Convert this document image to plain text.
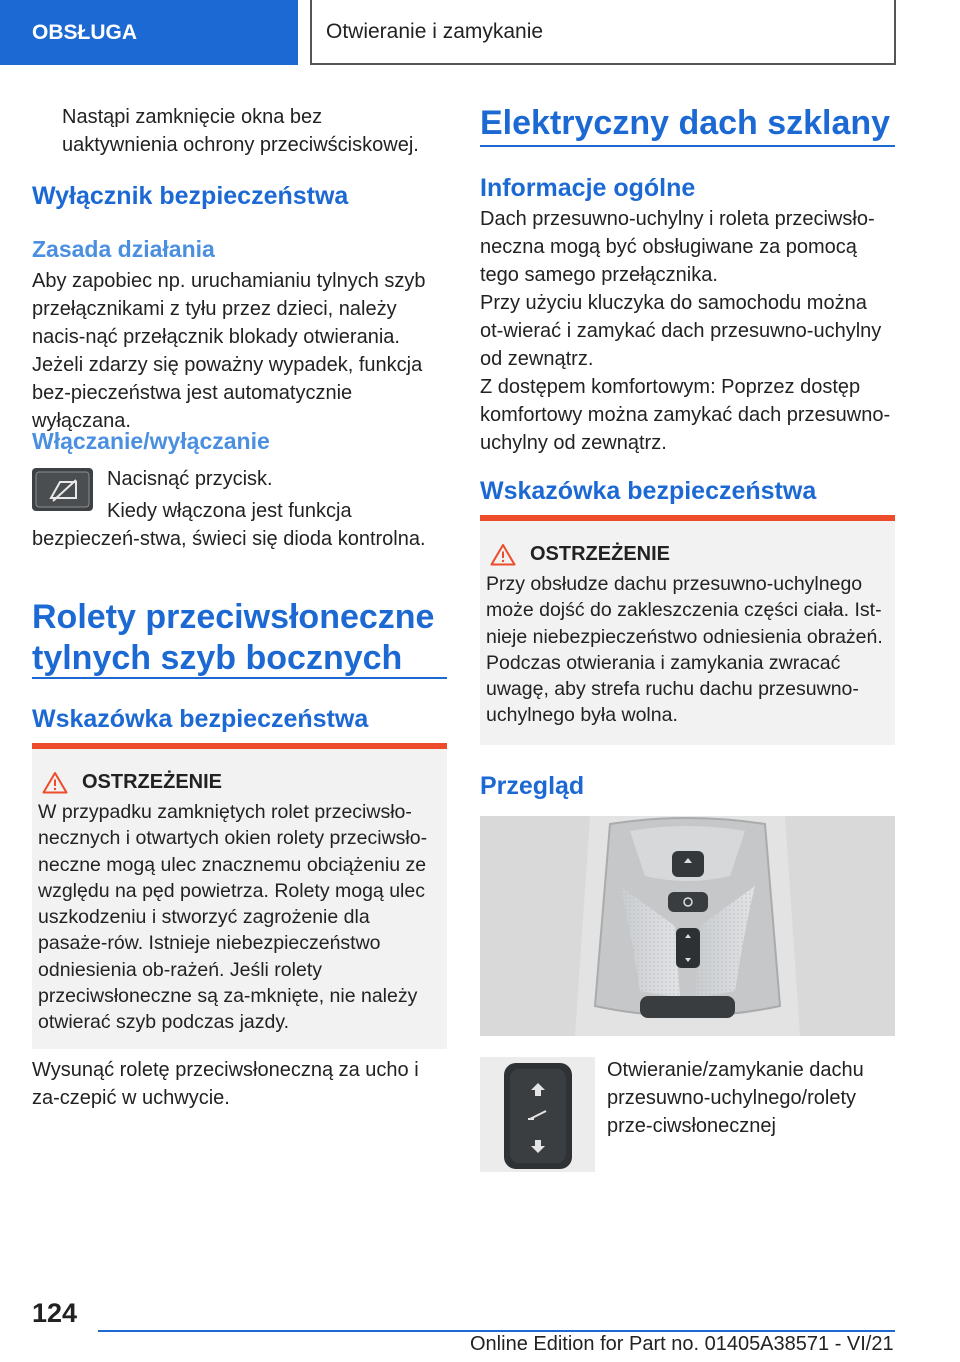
OBSŁUGA	Otwieranie i zamykanie

Nastąpi zamknięcie okna bez uaktywnienia ochrony przeciwściskowej.

Wyłącznik bezpieczeństwa
Zasada działania

Aby zapobiec np. uruchamianiu tylnych szyb przełącznikami z tyłu przez dzieci, należy nacis-nąć przełącznik blokady otwierania.

Jeżeli zdarzy się poważny wypadek, funkcja bez-pieczeństwa jest automatycznie wyłączana.

Włączanie/wyłączanie

Nacisnąć przycisk.

Kiedy włączona jest funkcja bezpieczeń-stwa, świeci się dioda kontrolna.

Rolety przeciwsłoneczne tylnych szyb bocznych
Wskazówka bezpieczeństwa
OSTRZEŻENIE

W przypadku zamkniętych rolet przeciwsło-necznych i otwartych okien rolety przeciwsło-neczne mogą ulec znacznemu obciążeniu ze względu na pęd powietrza. Rolety mogą ulec uszkodzeniu i stworzyć zagrożenie dla pasaże-rów. Istnieje niebezpieczeństwo odniesienia ob-rażeń. Jeśli rolety przeciwsłoneczne są za-mknięte, nie należy otwierać szyb podczas jazdy.

Wysunąć roletę przeciwsłoneczną za ucho i za-czepić w uchwycie.

Elektryczny dach szklany
Informacje ogólne

Dach przesuwno-uchylny i roleta przeciwsło-neczna mogą być obsługiwane za pomocą tego samego przełącznika.

Przy użyciu kluczyka do samochodu można ot-wierać i zamykać dach przesuwno-uchylny od zewnątrz.

Z dostępem komfortowym: Poprzez dostęp komfortowy można zamykać dach przesuwno-uchylny od zewnątrz.

Wskazówka bezpieczeństwa
OSTRZEŻENIE

Przy obsłudze dachu przesuwno-uchylnego może dojść do zakleszczenia części ciała. Ist-nieje niebezpieczeństwo odniesienia obrażeń. Podczas otwierania i zamykania zwracać uwagę, aby strefa ruchu dachu przesuwno-uchylnego była wolna.

Przegląd

Otwieranie/zamykanie dachu przesuwno-uchylnego/rolety prze-ciwsłonecznej

124
Online Edition for Part no. 01405A38571 - VI/21
